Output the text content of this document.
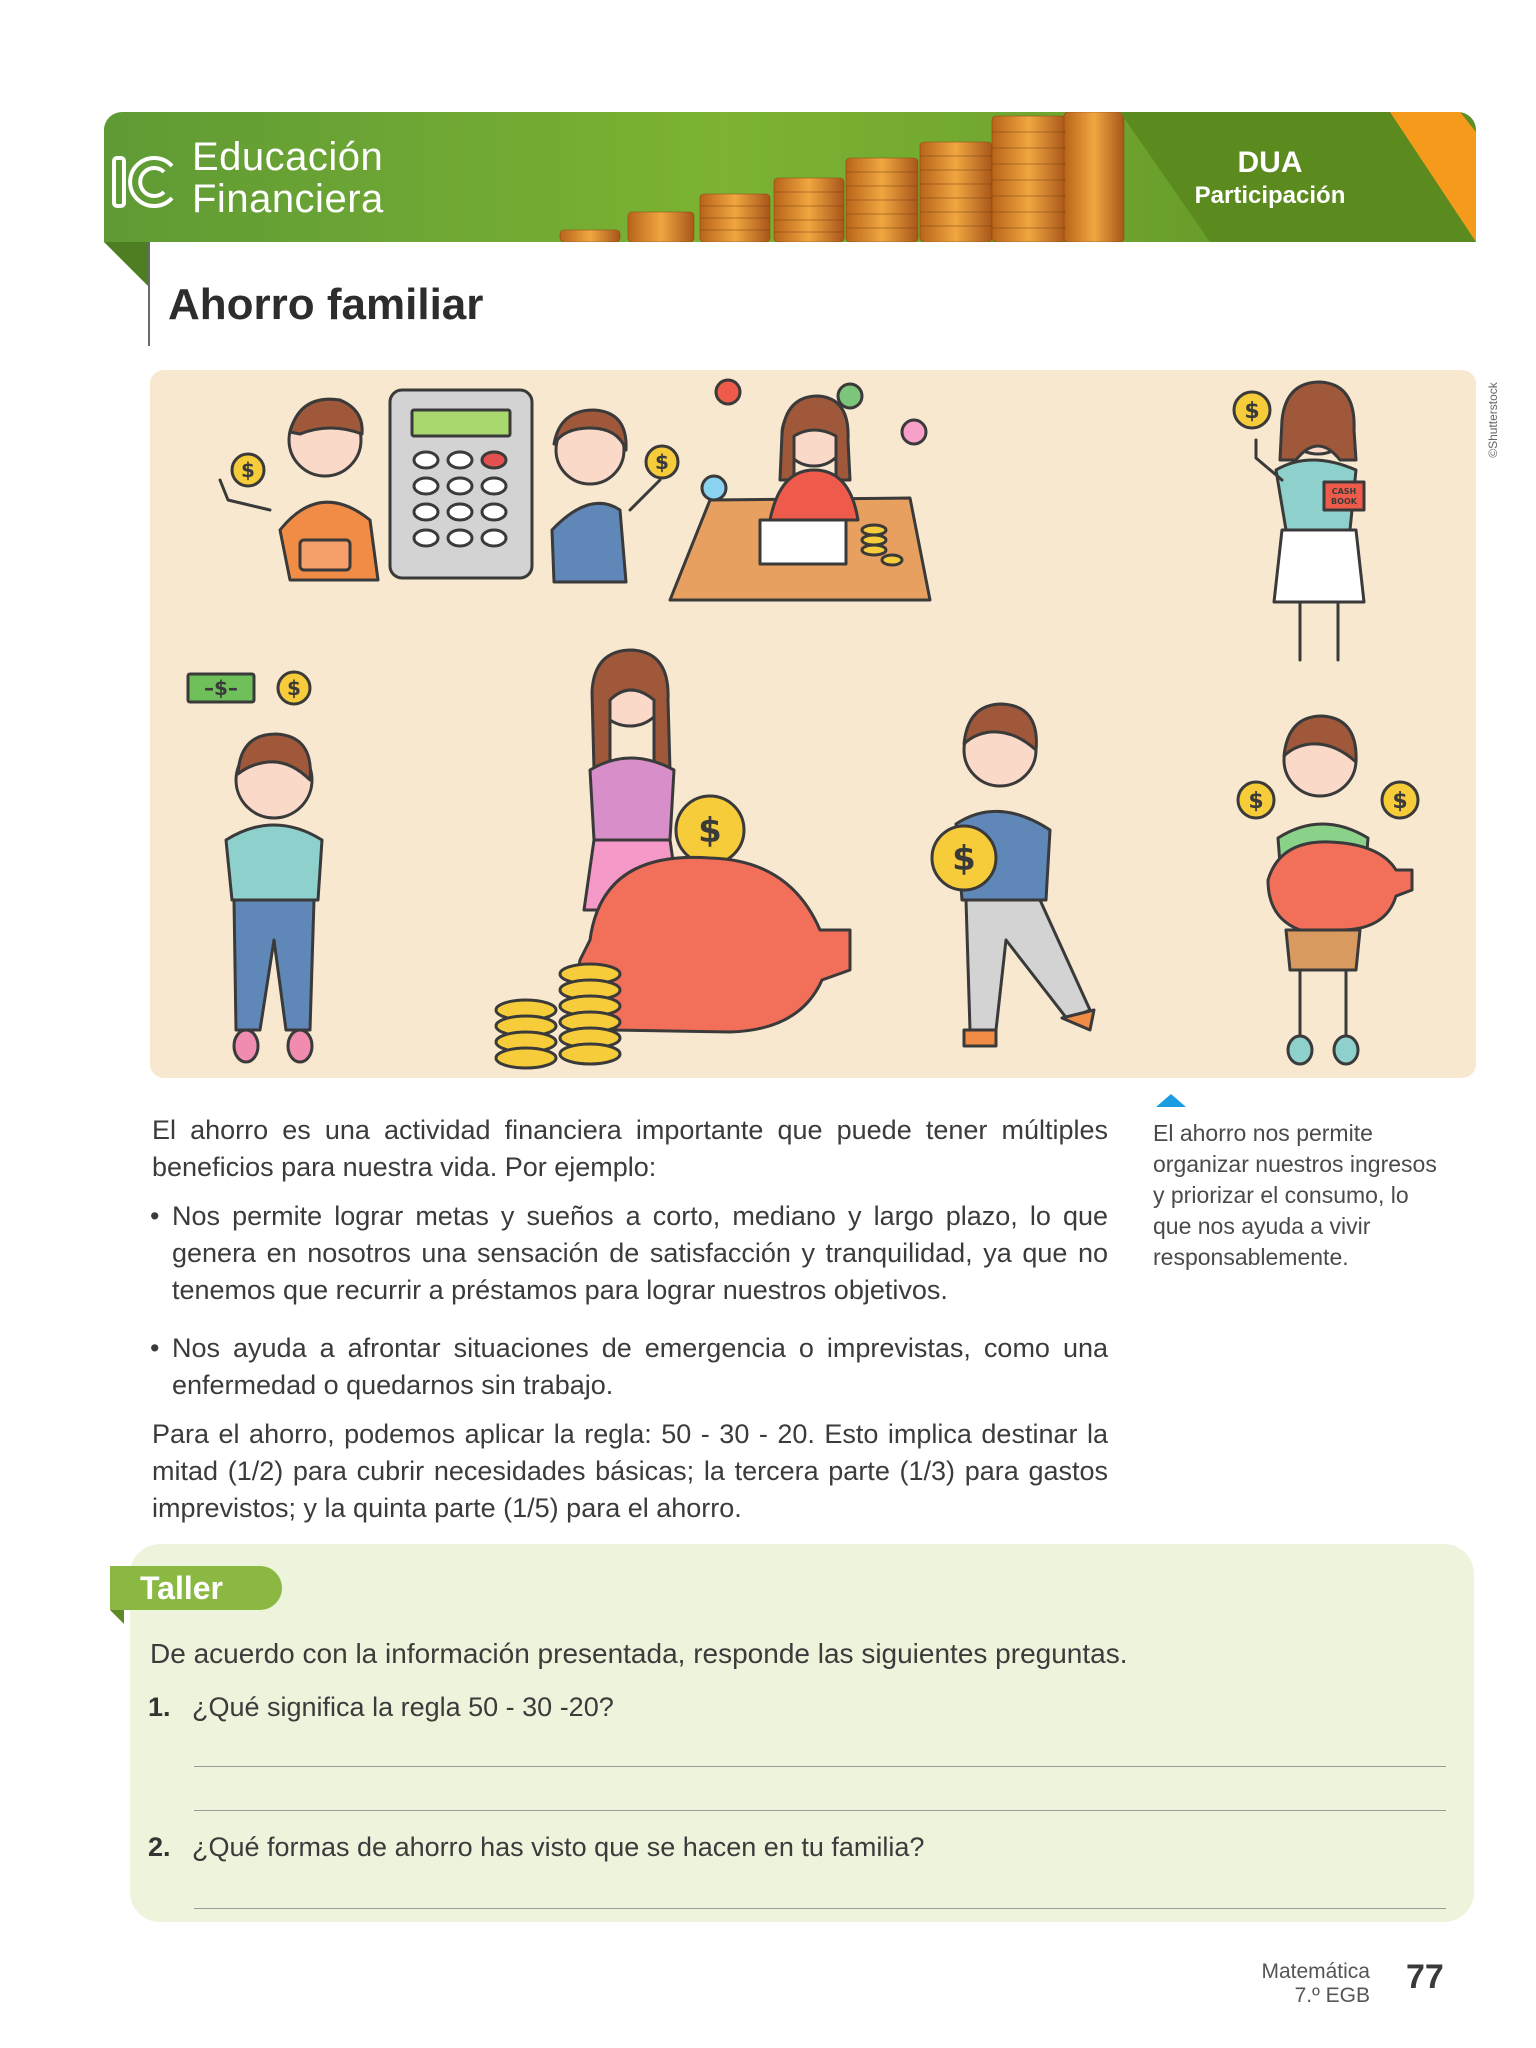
Educación
Financiera
DUA
Participación
Ahorro familiar
$	$
$
$
–$–
$
$
$	$
CASH
BOOK
©Shutterstock
El ahorro es una actividad financiera importante que puede tener múltiples beneficios para nuestra vida. Por ejemplo:
• Nos permite lograr metas y sueños a corto, mediano y largo plazo, lo que genera en nosotros una sensación de satisfacción y tranquilidad, ya que no tenemos que recurrir a préstamos para lograr nuestros objetivos.
• Nos ayuda a afrontar situaciones de emergencia o imprevistas, como una enfermedad o quedarnos sin trabajo.
Para el ahorro, podemos aplicar la regla: 50 - 30 - 20. Esto implica destinar la mitad (1/2) para cubrir necesidades básicas; la tercera parte (1/3) para gastos imprevistos; y la quinta parte (1/5) para el ahorro.
El ahorro nos permite organizar nuestros ingresos y priorizar el consumo, lo que nos ayuda a vivir responsablemente.
Taller
De acuerdo con la información presentada, responde las siguientes preguntas.
1. ¿Qué significa la regla 50 - 30 -20?
2. ¿Qué formas de ahorro has visto que se hacen en tu familia?
Matemática
7.º EGB 77
